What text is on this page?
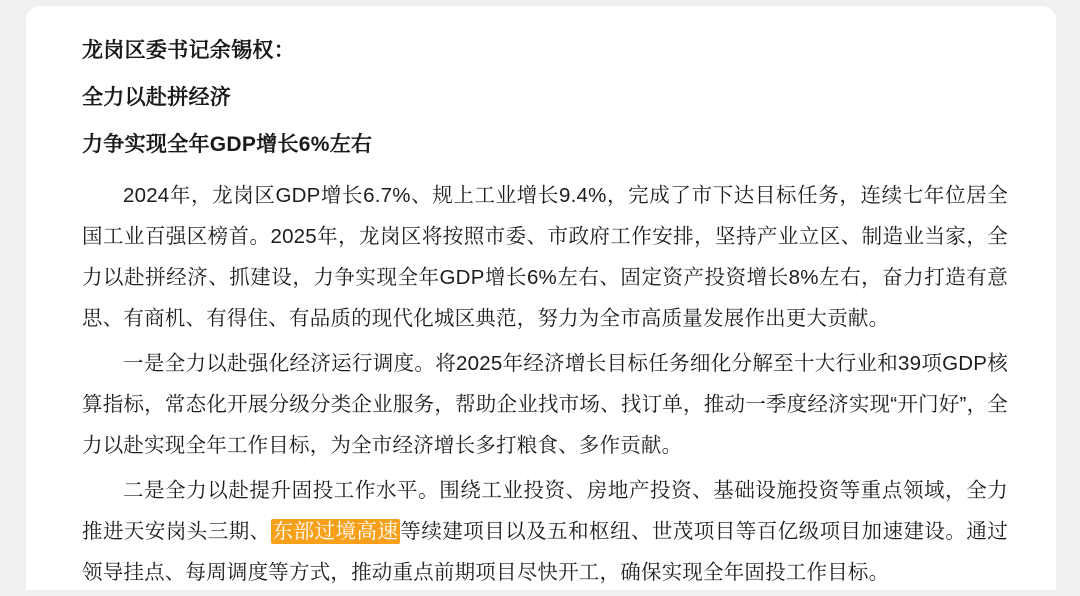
龙岗区委书记余锡权：
全力以赴拼经济
力争实现全年GDP增长6%左右

2024年，龙岗区GDP增长6.7%、规上工业增长9.4%，完成了市下达目标任务，连续七年位居全国工业百强区榜首。2025年，龙岗区将按照市委、市政府工作安排，坚持产业立区、制造业当家，全力以赴拼经济、抓建设，力争实现全年GDP增长6%左右、固定资产投资增长8%左右，奋力打造有意思、有商机、有得住、有品质的现代化城区典范，努力为全市高质量发展作出更大贡献。

一是全力以赴强化经济运行调度。将2025年经济增长目标任务细化分解至十大行业和39项GDP核算指标，常态化开展分级分类企业服务，帮助企业找市场、找订单，推动一季度经济实现“开门好”，全力以赴实现全年工作目标，为全市经济增长多打粮食、多作贡献。

二是全力以赴提升固投工作水平。围绕工业投资、房地产投资、基础设施投资等重点领域，全力推进天安岗头三期、东部过境高速等续建项目以及五和枢纽、世茂项目等百亿级项目加速建设。通过领导挂点、每周调度等方式，推动重点前期项目尽快开工，确保实现全年固投工作目标。
